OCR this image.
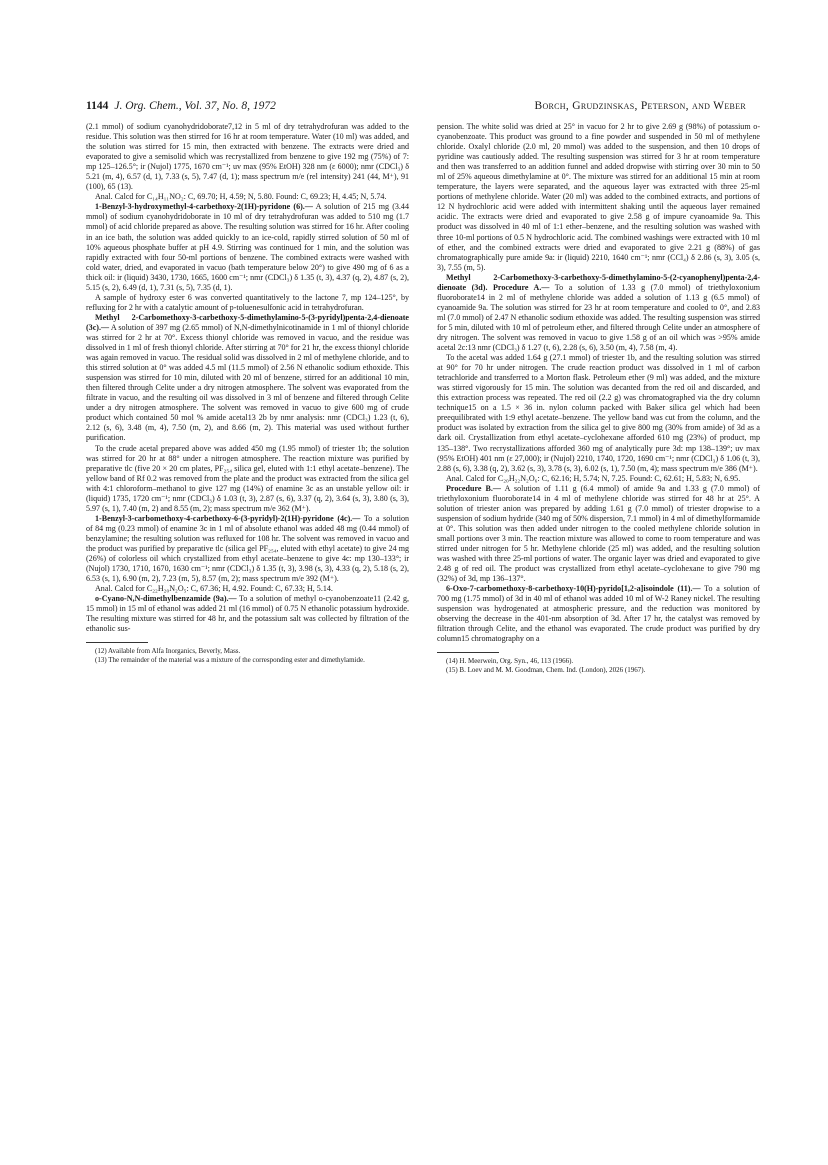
1144 J. Org. Chem., Vol. 37, No. 8, 1972	Borch, Grudzinskas, Peterson, and Weber

(2.1 mmol) of sodium cyanohydridoborate7,12 in 5 ml of dry tetrahydrofuran was added to the residue. This solution was then stirred for 16 hr at room temperature. Water (10 ml) was added, and the solution was stirred for 15 min, then extracted with benzene. The extracts were dried and evaporated to give a semisolid which was recrystallized from benzene to give 192 mg (75%) of 7: mp 125–126.5°; ir (Nujol) 1775, 1670 cm⁻¹; uv max (95% EtOH) 328 nm (ε 6000); nmr (CDCl₃) δ 5.21 (m, 4), 6.57 (d, 1), 7.33 (s, 5), 7.47 (d, 1); mass spectrum m/e (rel intensity) 241 (44, M⁺), 91 (100), 65 (13).

Anal. Calcd for C₁₄H₁₁NO₂: C, 69.70; H, 4.59; N, 5.80. Found: C, 69.23; H, 4.45; N, 5.74.

1-Benzyl-3-hydroxymethyl-4-carbethoxy-2(1H)-pyridone (6).— A solution of 215 mg (3.44 mmol) of sodium cyanohydridoborate in 10 ml of dry tetrahydrofuran was added to 510 mg (1.7 mmol) of acid chloride prepared as above. The resulting solution was stirred for 16 hr. After cooling in an ice bath, the solution was added quickly to an ice-cold, rapidly stirred solution of 50 ml of 10% aqueous phosphate buffer at pH 4.9. Stirring was continued for 1 min, and the solution was rapidly extracted with four 50-ml portions of benzene. The combined extracts were washed with cold water, dried, and evaporated in vacuo (bath temperature below 20°) to give 490 mg of 6 as a thick oil: ir (liquid) 3430, 1730, 1665, 1600 cm⁻¹; nmr (CDCl₃) δ 1.35 (t, 3), 4.37 (q, 2), 4.87 (s, 2), 5.15 (s, 2), 6.49 (d, 1), 7.31 (s, 5), 7.35 (d, 1).

A sample of hydroxy ester 6 was converted quantitatively to the lactone 7, mp 124–125°, by refluxing for 2 hr with a catalytic amount of p-toluenesulfonic acid in tetrahydrofuran.

Methyl 2-Carbomethoxy-3-carbethoxy-5-dimethylamino-5-(3-pyridyl)penta-2,4-dienoate (3c).— A solution of 397 mg (2.65 mmol) of N,N-dimethylnicotinamide in 1 ml of thionyl chloride was stirred for 2 hr at 70°. Excess thionyl chloride was removed in vacuo, and the residue was dissolved in 1 ml of fresh thionyl chloride. After stirring at 70° for 21 hr, the excess thionyl chloride was again removed in vacuo. The residual solid was dissolved in 2 ml of methylene chloride, and to this stirred solution at 0° was added 4.5 ml (11.5 mmol) of 2.56 N ethanolic sodium ethoxide. This suspension was stirred for 10 min, diluted with 20 ml of benzene, stirred for an additional 10 min, then filtered through Celite under a dry nitrogen atmosphere. The solvent was evaporated from the filtrate in vacuo, and the resulting oil was dissolved in 3 ml of benzene and filtered through Celite under a dry nitrogen atmosphere. The solvent was removed in vacuo to give 600 mg of crude product which contained 50 mol % amide acetal13 2b by nmr analysis: nmr (CDCl₃) 1.23 (t, 6), 2.12 (s, 6), 3.48 (m, 4), 7.50 (m, 2), and 8.66 (m, 2). This material was used without further purification.

To the crude acetal prepared above was added 450 mg (1.95 mmol) of triester 1b; the solution was stirred for 20 hr at 88° under a nitrogen atmosphere. The reaction mixture was purified by preparative tlc (five 20 × 20 cm plates, PF₂₅₄ silica gel, eluted with 1:1 ethyl acetate–benzene). The yellow band of Rf 0.2 was removed from the plate and the product was extracted from the silica gel with 4:1 chloroform–methanol to give 127 mg (14%) of enamine 3c as an unstable yellow oil: ir (liquid) 1735, 1720 cm⁻¹; nmr (CDCl₃) δ 1.03 (t, 3), 2.87 (s, 6), 3.37 (q, 2), 3.64 (s, 3), 3.80 (s, 3), 5.97 (s, 1), 7.40 (m, 2) and 8.55 (m, 2); mass spectrum m/e 362 (M⁺).

1-Benzyl-3-carbomethoxy-4-carbethoxy-6-(3-pyridyl)-2(1H)-pyridone (4c).— To a solution of 84 mg (0.23 mmol) of enamine 3c in 1 ml of absolute ethanol was added 48 mg (0.44 mmol) of benzylamine; the resulting solution was refluxed for 108 hr. The solvent was removed in vacuo and the product was purified by preparative tlc (silica gel PF₂₅₄, eluted with ethyl acetate) to give 24 mg (26%) of colorless oil which crystallized from ethyl acetate–benzene to give 4c: mp 130–133°; ir (Nujol) 1730, 1710, 1670, 1630 cm⁻¹; nmr (CDCl₃) δ 1.35 (t, 3), 3.98 (s, 3), 4.33 (q, 2), 5.18 (s, 2), 6.53 (s, 1), 6.90 (m, 2), 7.23 (m, 5), 8.57 (m, 2); mass spectrum m/e 392 (M⁺).

Anal. Calcd for C₂₂H₂₀N₂O₅: C, 67.36; H, 4.92. Found: C, 67.33; H, 5.14.

o-Cyano-N,N-dimethylbenzamide (9a).— To a solution of methyl o-cyanobenzoate11 (2.42 g, 15 mmol) in 15 ml of ethanol was added 21 ml (16 mmol) of 0.75 N ethanolic potassium hydroxide. The resulting mixture was stirred for 48 hr, and the potassium salt was collected by filtration of the ethanolic sus-

(12) Available from Alfa Inorganics, Beverly, Mass.

(13) The remainder of the material was a mixture of the corresponding ester and dimethylamide.

pension. The white solid was dried at 25° in vacuo for 2 hr to give 2.69 g (98%) of potassium o-cyanobenzoate. This product was ground to a fine powder and suspended in 50 ml of methylene chloride. Oxalyl chloride (2.0 ml, 20 mmol) was added to the suspension, and then 10 drops of pyridine was cautiously added. The resulting suspension was stirred for 3 hr at room temperature and then was transferred to an addition funnel and added dropwise with stirring over 30 min to 50 ml of 25% aqueous dimethylamine at 0°. The mixture was stirred for an additional 15 min at room temperature, the layers were separated, and the aqueous layer was extracted with three 25-ml portions of methylene chloride. Water (20 ml) was added to the combined extracts, and portions of 12 N hydrochloric acid were added with intermittent shaking until the aqueous layer remained acidic. The extracts were dried and evaporated to give 2.58 g of impure cyanoamide 9a. This product was dissolved in 40 ml of 1:1 ether–benzene, and the resulting solution was washed with three 10-ml portions of 0.5 N hydrochloric acid. The combined washings were extracted with 10 ml of ether, and the combined extracts were dried and evaporated to give 2.21 g (88%) of gas chromatographically pure amide 9a: ir (liquid) 2210, 1640 cm⁻¹; nmr (CCl₄) δ 2.86 (s, 3), 3.05 (s, 3), 7.55 (m, 5).

Methyl 2-Carbomethoxy-3-carbethoxy-5-dimethylamino-5-(2-cyanophenyl)penta-2,4-dienoate (3d). Procedure A.— To a solution of 1.33 g (7.0 mmol) of triethyloxonium fluoroborate14 in 2 ml of methylene chloride was added a solution of 1.13 g (6.5 mmol) of cyanoamide 9a. The solution was stirred for 23 hr at room temperature and cooled to 0°, and 2.83 ml (7.0 mmol) of 2.47 N ethanolic sodium ethoxide was added. The resulting suspension was stirred for 5 min, diluted with 10 ml of petroleum ether, and filtered through Celite under an atmosphere of dry nitrogen. The solvent was removed in vacuo to give 1.58 g of an oil which was >95% amide acetal 2c:13 nmr (CDCl₃) δ 1.27 (t, 6), 2.28 (s, 6), 3.50 (m, 4), 7.58 (m, 4).

To the acetal was added 1.64 g (27.1 mmol) of triester 1b, and the resulting solution was stirred at 90° for 70 hr under nitrogen. The crude reaction product was dissolved in 1 ml of carbon tetrachloride and transferred to a Morton flask. Petroleum ether (9 ml) was added, and the mixture was stirred vigorously for 15 min. The solution was decanted from the red oil and discarded, and this extraction process was repeated. The red oil (2.2 g) was chromatographed via the dry column technique15 on a 1.5 × 36 in. nylon column packed with Baker silica gel which had been preequilibrated with 1:9 ethyl acetate–benzene. The yellow band was cut from the column, and the product was isolated by extraction from the silica gel to give 800 mg (30% from amide) of 3d as a dark oil. Crystallization from ethyl acetate–cyclohexane afforded 610 mg (23%) of product, mp 135–138°. Two recrystallizations afforded 360 mg of analytically pure 3d: mp 138–139°; uv max (95% EtOH) 401 nm (ε 27,000); ir (Nujol) 2210, 1740, 1720, 1690 cm⁻¹; nmr (CDCl₃) δ 1.06 (t, 3), 2.88 (s, 6), 3.38 (q, 2), 3.62 (s, 3), 3.78 (s, 3), 6.02 (s, 1), 7.50 (m, 4); mass spectrum m/e 386 (M⁺).

Anal. Calcd for C₂₀H₂₂N₂O₆: C, 62.16; H, 5.74; N, 7.25. Found: C, 62.61; H, 5.83; N, 6.95.

Procedure B.— A solution of 1.11 g (6.4 mmol) of amide 9a and 1.33 g (7.0 mmol) of triethyloxonium fluoroborate14 in 4 ml of methylene chloride was stirred for 48 hr at 25°. A solution of triester anion was prepared by adding 1.61 g (7.0 mmol) of triester dropwise to a suspension of sodium hydride (340 mg of 50% dispersion, 7.1 mmol) in 4 ml of dimethylformamide at 0°. This solution was then added under nitrogen to the cooled methylene chloride solution in small portions over 3 min. The reaction mixture was allowed to come to room temperature and was stirred under nitrogen for 5 hr. Methylene chloride (25 ml) was added, and the resulting solution was washed with three 25-ml portions of water. The organic layer was dried and evaporated to give 2.48 g of red oil. The product was crystallized from ethyl acetate–cyclohexane to give 790 mg (32%) of 3d, mp 136–137°.

6-Oxo-7-carbomethoxy-8-carbethoxy-10(H)-pyrido[1,2-a]isoindole (11).— To a solution of 700 mg (1.75 mmol) of 3d in 40 ml of ethanol was added 10 ml of W-2 Raney nickel. The resulting suspension was hydrogenated at atmospheric pressure, and the reduction was monitored by observing the decrease in the 401-nm absorption of 3d. After 17 hr, the catalyst was removed by filtration through Celite, and the ethanol was evaporated. The crude product was purified by dry column15 chromatography on a

(14) H. Meerwein, Org. Syn., 46, 113 (1966).

(15) B. Loev and M. M. Goodman, Chem. Ind. (London), 2026 (1967).
